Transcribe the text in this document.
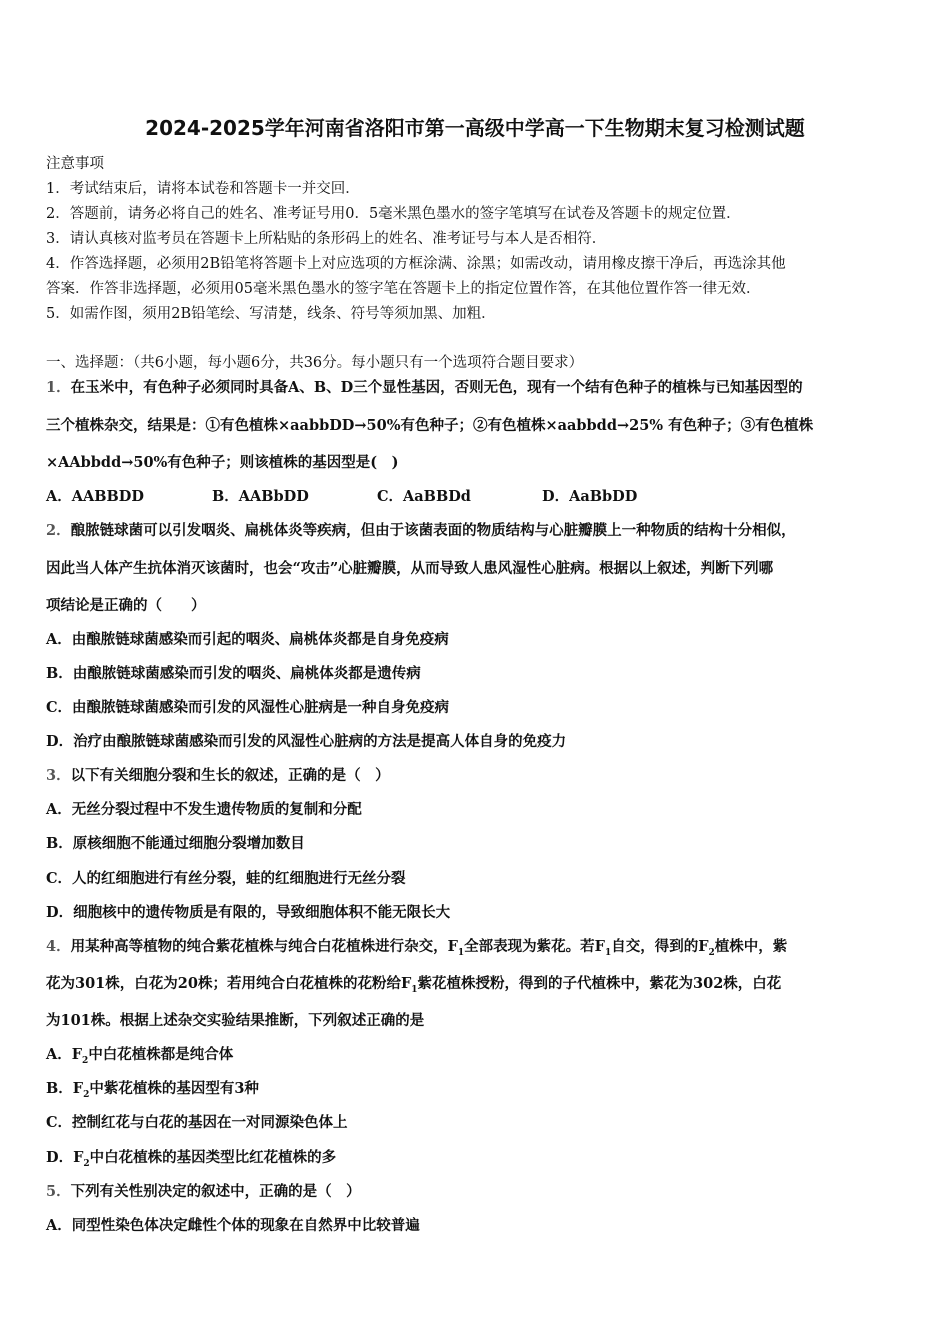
2024-2025学年河南省洛阳市第一高级中学高一下生物期末复习检测试题
注意事项
1．考试结束后，请将本试卷和答题卡一并交回．
2．答题前，请务必将自己的姓名、准考证号用0．5毫米黑色墨水的签字笔填写在试卷及答题卡的规定位置．
3．请认真核对监考员在答题卡上所粘贴的条形码上的姓名、准考证号与本人是否相符．
4．作答选择题，必须用2B铅笔将答题卡上对应选项的方框涂满、涂黑；如需改动，请用橡皮擦干净后，再选涂其他
答案．作答非选择题，必须用05毫米黑色墨水的签字笔在答题卡上的指定位置作答，在其他位置作答一律无效．
5．如需作图，须用2B铅笔绘、写清楚，线条、符号等须加黑、加粗．
一、选择题：（共6小题，每小题6分，共36分。每小题只有一个选项符合题目要求）
1．在玉米中，有色种子必须同时具备A、B、D三个显性基因，否则无色，现有一个结有色种子的植株与已知基因型的
三个植株杂交，结果是：①有色植株×aabbDD→50%有色种子；②有色植株×aabbdd→25% 有色种子；③有色植株
×AAbbdd→50%有色种子；则该植株的基因型是(　)
A．AABBDD	B．AABbDD	C．AaBBDd	D．AaBbDD
2．酿脓链球菌可以引发咽炎、扁桃体炎等疾病，但由于该菌表面的物质结构与心脏瓣膜上一种物质的结构十分相似，
因此当人体产生抗体消灭该菌时，也会“攻击”心脏瓣膜，从而导致人患风湿性心脏病。根据以上叙述，判断下列哪
项结论是正确的（　　）
A．由酿脓链球菌感染而引起的咽炎、扁桃体炎都是自身免疫病
B．由酿脓链球菌感染而引发的咽炎、扁桃体炎都是遗传病
C．由酿脓链球菌感染而引发的风湿性心脏病是一种自身免疫病
D．治疗由酿脓链球菌感染而引发的风湿性心脏病的方法是提高人体自身的免疫力
3．以下有关细胞分裂和生长的叙述，正确的是（　）
A．无丝分裂过程中不发生遗传物质的复制和分配
B．原核细胞不能通过细胞分裂增加数目
C．人的红细胞进行有丝分裂，蛙的红细胞进行无丝分裂
D．细胞核中的遗传物质是有限的，导致细胞体积不能无限长大
4．用某种高等植物的纯合紫花植株与纯合白花植株进行杂交，$F_1$全部表现为紫花。若$F_1$自交，得到的$F_2$植株中，紫
花为301株，白花为20株；若用纯合白花植株的花粉给$F_1$紫花植株授粉，得到的子代植株中，紫花为302株，白花
为101株。根据上述杂交实验结果推断，下列叙述正确的是
A．$F_2$中白花植株都是纯合体
B．$F_2$中紫花植株的基因型有3种
C．控制红花与白花的基因在一对同源染色体上
D．$F_2$中白花植株的基因类型比红花植株的多
5．下列有关性别决定的叙述中，正确的是（　）
A．同型性染色体决定雌性个体的现象在自然界中比较普遍
